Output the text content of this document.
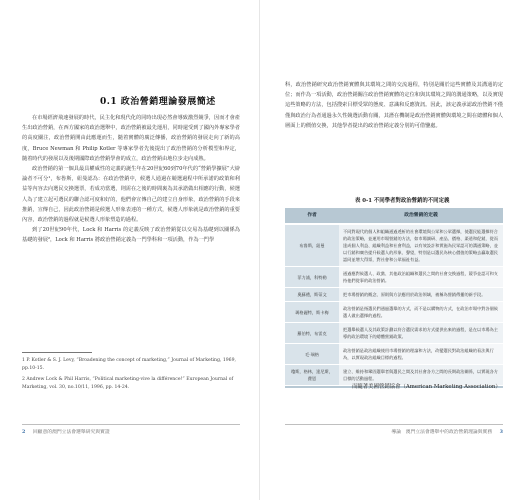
0.1 政治營銷理論發展簡述

在市場經濟飛速發展的時代，民主化和現代化的同時出現必然會導致激烈競爭，因而才會產生出政治營銷，在西方國家的政治選舉中，政治營銷被最先運用，同時還受到了國內外專家學者的高度關注，政治營銷開由此應運而生，隨着實體的廣泛傳播，政治營銷的發展走向了新的高度，Bruce Newman 和 Philip Kotler 等專家學者先後提出了政治營銷的分析模型和界定，隨着時代的發展以及後期國際政治營銷學會的成立，政治營銷由地位步走向成熟。

政治營銷的第一個具最具權威性的定義的誕生年在20世紀60到70年代的“營銷學擴展”大辯論者不可分¹，布魯斯，紐曼認為：在政治營銷中，候選人通過在競選過程中所承諾的政策和利益等內容去向選民交換選票，若成功當選，則需在之後的時間裏為其承諾做出相應的行動，候選人為了建立起可選民的聯合認可度和好的，他們會宣傳自己的建立自身形象，政治營銷的手段來推銷，宣傳自己，因此政治營銷是候選人形象表達的一種方式，候選人形象就是政治營銷的重要內容，政治營銷的過程就是候選人形象塑造的過程。

到了20世紀90年代，Lock 和 Harris 的定義反映了政治營銷從以交易為基礎到以關係為基礎的發展²，Lock 和 Harris 將政治營銷定義為一門學科和一項活動，作為一門學

1 P. Kotler & S. J. Levy, “Broadening the concept of marketing,” Journal of Marketing, 1969, pp.10-15.
2 Andrew Lock & Phil Harris, “Political marketing-vive la différence!” European Journal of Marketing, vol. 30, no.10/11, 1996, pp. 14-24.
2 回顧意的澳門立法會選舉研究與實證

科，政治營銷研究政治營銷實體與其環境之間的交流過程，特別是關於這些實體及其溝通的定位；而作為一項活動，政治營銷關注政治營銷實體的定位和與其環境之間的溝通策略，以及實現這些策略的方法，包括搜索目標受眾的態度、意識和反應資訊。因此，該定義承認政治營銷不僅僅與政治行為者通過永久性競選活動有關，其潛在機制是政治營銷實體與環境之間在總體和個人層面上的價值交換，其他學者提出的政治營銷定義分別的可借鑒處。

表 0-1 不同學者對政治營銷的不同定義
作者	政治營銷的定義
布魯斯，紐曼	不同對現代的個人和組織通過透析的社會環境與公眾和公眾選擇，使選民能選擇符合的政治策略，並運用市場營銷的方法，如市場調研、產品、價格、渠道和促銷，從而達成個人利益、組織利益和社會利益，以有效設計和實施為民眾認可的溝通策略，並以行銷和廣告提升候選人的形象、聲望，特別是以選民為核心價值的策略去贏取選民認同並增大得票，對社會和公眾福祉有益。
菲力浦，科特勒	通過應對候選人、政黨、其他政治組織和選民之間的社會交換過程，競爭並認可和支持他們從事的政治營銷。
奧蘇禮，斯蒂文	把市場營銷的概念、原則與方法應用於政治領域，被稱為營銷傳播的新手段。
瑪格麗特，斯卡梅	政治營銷是指選民們通過選舉的方式，而不是以購物的方式，在政治市場中對各個候選人做出選擇的過程。
羅伯特，布雷克	把選舉候選人及其政策計劃以符合選民需求的方式提供出來的過程，是在以市場為主導的政治環境下的總體營銷政策。
毛·瑞格	政治營銷是政治組織使用市場營銷的理論和方法，改變選民對政治組織的看法與行為，以實現政治組織目標的過程。
瓊斯，格林，達尼斯，費恩	建立、維持和鞏固選舉者與選民之間及其社會各方之間的長期政治關係，以實現各方目標的活動過程。
而隨著美國營銷協會（American Marketing Association）
導論　澳門立法會選舉中的政治營銷理論與實務 3
